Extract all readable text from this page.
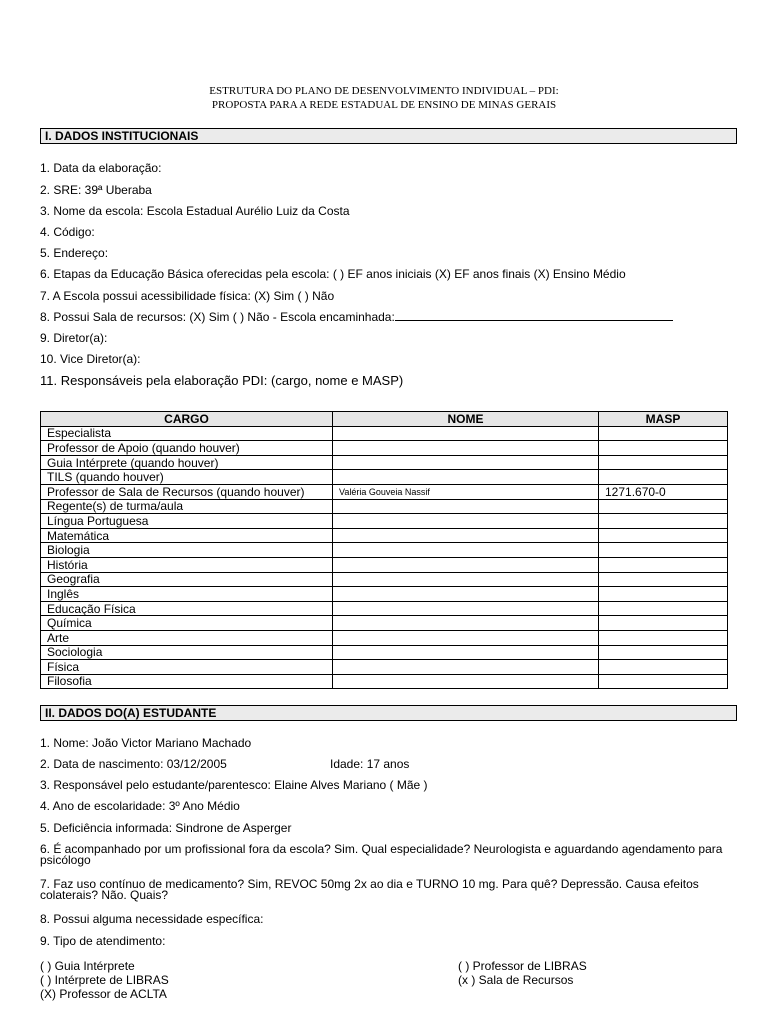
ESTRUTURA DO PLANO DE DESENVOLVIMENTO INDIVIDUAL – PDI:
PROPOSTA PARA A REDE ESTADUAL DE ENSINO DE MINAS GERAIS
I. DADOS INSTITUCIONAIS
1. Data da elaboração:
2. SRE: 39ª Uberaba
3. Nome da escola: Escola Estadual Aurélio Luiz da Costa
4. Código:
5. Endereço:
6. Etapas da Educação Básica oferecidas pela escola: ( ) EF anos iniciais (X) EF anos finais (X) Ensino Médio
7. A Escola possui acessibilidade física: (X) Sim ( ) Não
8. Possui Sala de recursos: (X) Sim ( ) Não - Escola encaminhada:
9. Diretor(a):
10. Vice Diretor(a):
11. Responsáveis pela elaboração PDI: (cargo, nome e MASP)
CARGO	NOME	MASP
Especialista		
Professor de Apoio (quando houver)		
Guia Intérprete (quando houver)		
TILS (quando houver)		
Professor de Sala de Recursos (quando houver)	Valéria Gouveia Nassif	1271.670-0
Regente(s) de turma/aula		
Língua Portuguesa		
Matemática		
Biologia		
História		
Geografia		
Inglês		
Educação Física		
Química		
Arte		
Sociologia		
Física		
Filosofia		
II. DADOS DO(A) ESTUDANTE
1. Nome: João Victor Mariano Machado
2. Data de nascimento: 03/12/2005	Idade: 17 anos
3. Responsável pelo estudante/parentesco: Elaine Alves Mariano ( Mãe )
4. Ano de escolaridade: 3º Ano Médio
5. Deficiência informada: Sindrone de Asperger
6. É acompanhado por um profissional fora da escola? Sim. Qual especialidade? Neurologista e aguardando agendamento para psicólogo
7. Faz uso contínuo de medicamento? Sim, REVOC 50mg 2x ao dia e TURNO 10 mg. Para quê? Depressão. Causa efeitos colaterais? Não. Quais?
8. Possui alguma necessidade específica:
9. Tipo de atendimento:
( ) Guia Intérprete
( ) Intérprete de LIBRAS
(X) Professor de ACLTA
( ) Professor de LIBRAS
(x ) Sala de Recursos
